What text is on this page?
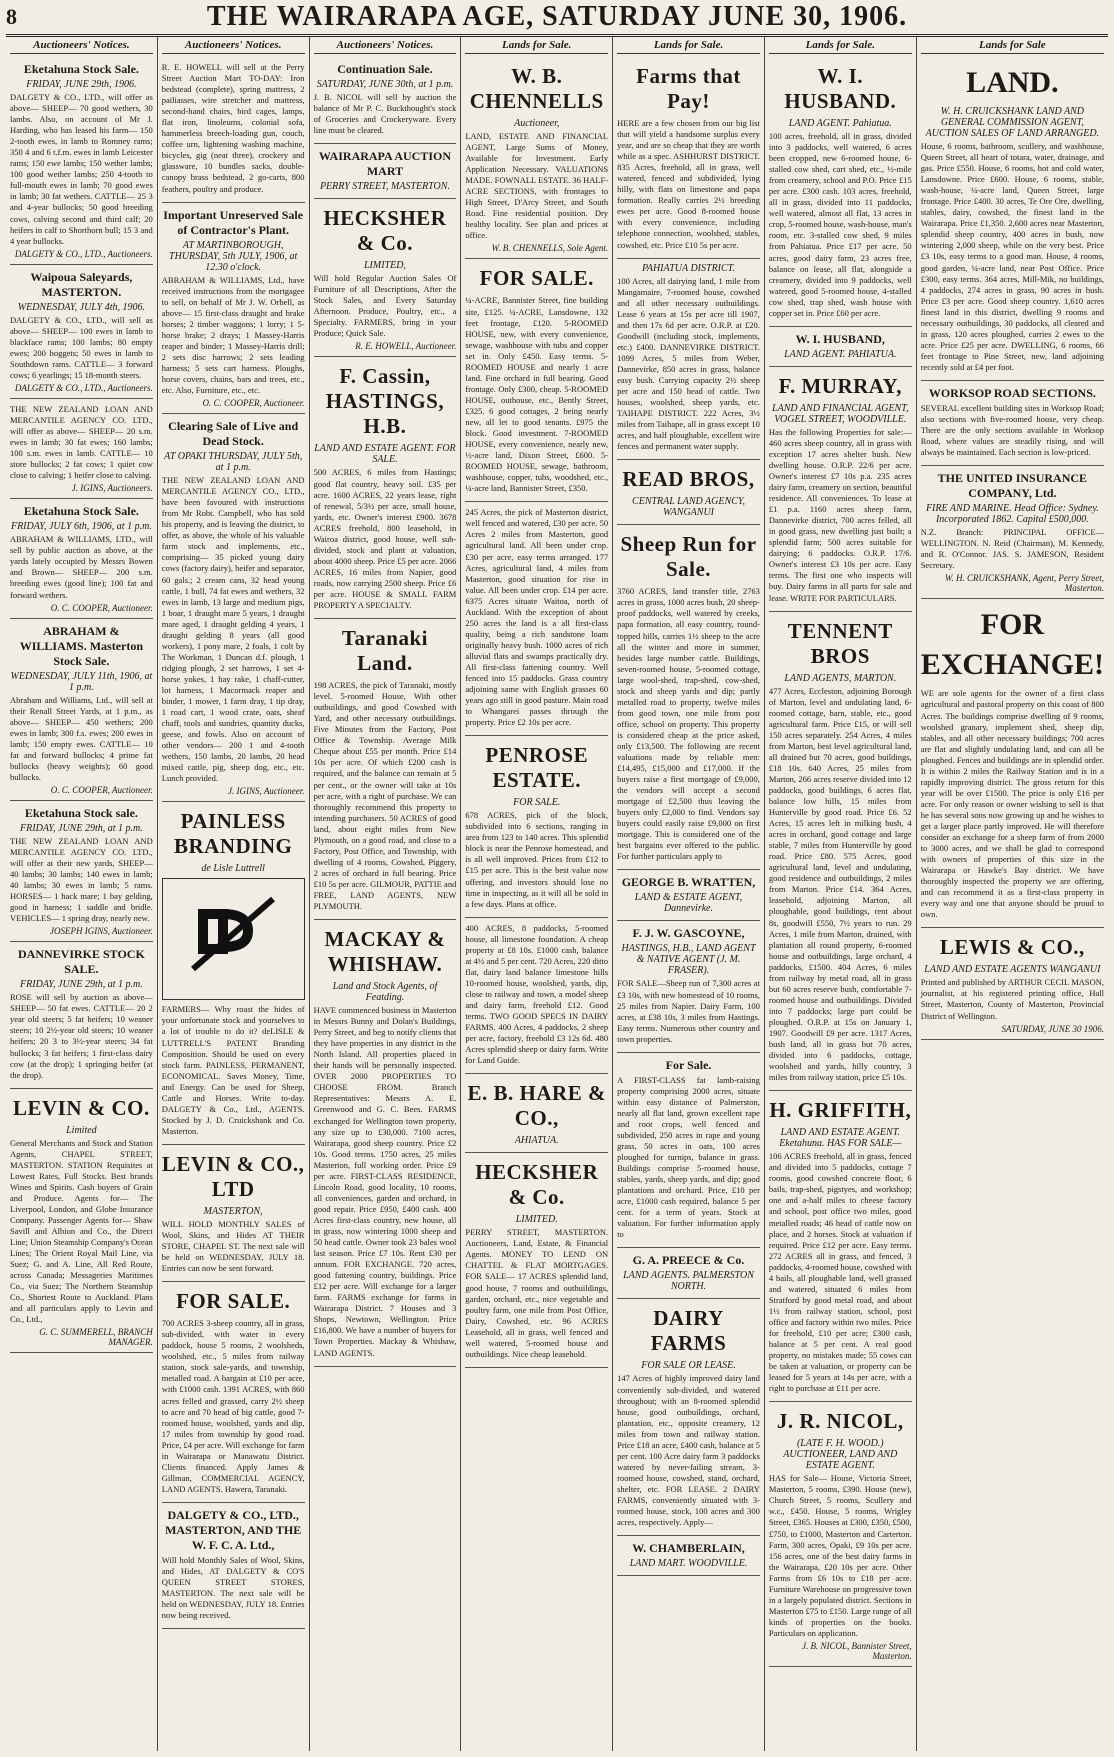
8	THE WAIRARAPA AGE, SATURDAY JUNE 30, 1906.
Auctioneers' Notices.
Eketahuna Stock Sale.
FRIDAY, JUNE 29th, 1906.
DALGETY & CO., LTD., will offer as above— SHEEP— 70 good wethers, 30 lambs. Also, on account of Mr J. Harding, who has leased his farm— 150 2-tooth ewes, in lamb to Romney rams; 350 4 and 6 t.f.m. ewes in lamb Leicester rams; 150 ewe lambs; 150 wether lambs; 100 good wether lambs; 250 4-tooth to full-mouth ewes in lamb; 70 good ewes in lamb; 30 fat wethers. CATTLE— 25 3 and 4-year bullocks; 50 good breeding cows, calving second and third calf; 20 heifers in calf to Shorthorn bull; 15 3 and 4 year bullocks.
DALGETY & CO., LTD., Auctioneers.
Waipoua Saleyards, MASTERTON.
WEDNESDAY, JULY 4th, 1906.
DALGETY & CO., LTD., will sell as above— SHEEP— 100 ewes in lamb to blackface rams; 100 lambs; 80 empty ewes; 200 hoggets; 50 ewes in lamb to Southdown rams. CATTLE— 3 forward cows; 6 yearlings; 15 18-month steers.
DALGETY & CO., LTD., Auctioneers.
THE NEW ZEALAND LOAN AND MERCANTILE AGENCY CO. LTD., will offer as above— SHEEP— 20 s.m. ewes in lamb; 30 fat ewes; 160 lambs; 100 s.m. ewes in lamb. CATTLE— 10 store bullocks; 2 fat cows; 1 quiet cow close to calving; 1 heifer close to calving.
J. IGINS, Auctioneers.
Eketahuna Stock Sale.
FRIDAY, JULY 6th, 1906, at 1 p.m.
ABRAHAM & WILLIAMS, LTD., will sell by public auction as above, at the yards lately occupied by Messrs Bowen and Brown— SHEEP— 200 s.m. breeding ewes (good line); 100 fat and forward wethers.
O. C. COOPER, Auctioneer.
ABRAHAM & WILLIAMS. Masterton Stock Sale.
WEDNESDAY, JULY 11th, 1906, at 1 p.m.
Abraham and Williams, Ltd., will sell at their Renall Street Yards, at 1 p.m., as above— SHEEP— 450 wethers; 200 ewes in lamb; 300 f.s. ewes; 200 ewes in lamb; 150 empty ewes. CATTLE— 10 fat and forward bullocks; 4 prime fat bullocks (heavy weights); 60 good bullocks.
O. C. COOPER, Auctioneer.
Eketahuna Stock sale.
FRIDAY, JUNE 29th, at 1 p.m.
THE NEW ZEALAND LOAN AND MERCANTILE AGENCY CO. LTD., will offer at their new yards, SHEEP— 40 lambs; 30 lambs; 140 ewes in lamb; 40 lambs; 30 ewes in lamb; 5 rams. HORSES— 1 hack mare; 1 bay gelding, good in harness; 1 saddle and bridle. VEHICLES— 1 spring dray, nearly new.
JOSEPH IGINS, Auctioneer.
DANNEVIRKE STOCK SALE.
FRIDAY, JUNE 29th, at 1 p.m.
ROSE will sell by auction as above— SHEEP— 50 fat ewes. CATTLE— 20 2 year old steers; 5 fat heifers; 10 weaner steers; 10 2½-year old steers; 10 weaner heifers; 20 3 to 3½-year steers; 34 fat bullocks; 3 fat heifers; 1 first-class dairy cow (at the drop); 1 springing heifer (at the drop).
LEVIN & CO.
Limited
General Merchants and Stock and Station Agents, CHAPEL STREET, MASTERTON. STATION Requisites at Lowest Rates, Full Stocks. Best brands Wines and Spirits. Cash buyers of Grain and Produce. Agents for— The Liverpool, London, and Globe Insurance Company. Passenger Agents for— Shaw Savill and Albion and Co., the Direct Line; Union Steamship Company's Ocean Lines; The Orient Royal Mail Line, via Suez; G. and A. Line, All Red Route, across Canada; Messageries Maritimes Co., via Suez; The Northern Steamship Co., Shortest Route to Auckland. Plans and all particulars apply to Levin and Co., Ltd.,
G. C. SUMMERELL, BRANCH MANAGER.
Auctioneers' Notices.
R. E. HOWELL will sell at the Perry Street Auction Mart TO-DAY: Iron bedstead (complete), spring mattress, 2 pailiasses, wire stretcher and mattress, second-hand chairs, bird cages, lamps, flat iron, linoleums, colonial sofa, hammerless breech-loading gun, couch, coffee urn, lightening washing machine, bicycles, gig (neat three), crockery and glassware, 10 bundles sacks, double-canopy brass bedstead, 2 go-carts, 800 feathers, poultry and produce.
Important Unreserved Sale of Contractor's Plant.
AT MARTINBOROUGH, THURSDAY, 5th JULY, 1906, at 12.30 o'clock.
ABRAHAM & WILLIAMS, Ltd., have received instructions from the mortgagee to sell, on behalf of Mr J. W. Orbell, as above— 15 first-class draught and brake horses; 2 timber waggons; 1 lorry; 1 5-horse brake; 2 drays; 1 Massey-Harris reaper and binder; 1 Massey-Harris drill; 2 sets disc harrows; 2 sets leading harness; 5 sets cart harness. Ploughs, horse covers, chains, bars and trees, etc., etc. Also, Furniture, etc., etc.
O. C. COOPER, Auctioneer.
Clearing Sale of Live and Dead Stock.
AT OPAKI THURSDAY, JULY 5th, at 1 p.m.
THE NEW ZEALAND LOAN AND MERCANTILE AGENCY CO., LTD., have been favoured with instructions from Mr Robt. Campbell, who has sold his property, and is leaving the district, to offer, as above, the whole of his valuable farm stock and implements, etc., comprising— 35 picked young dairy cows (factory dairy), heifer and separator, 60 gals.; 2 cream cans, 32 head young cattle, 1 bull, 74 fat ewes and wethers, 32 ewes in lamb, 13 large and medium pigs, 1 boar, 1 draught mare 5 years, 1 draught mare aged, 1 draught gelding 4 years, 1 draught gelding 8 years (all good workers), 1 pony mare, 2 foals, 1 colt by The Workman, 1 Duncan d.f. plough, 1 ridging plough, 2 set harrows, 1 set 4-horse yokes, 1 hay rake, 1 chaff-cutter, lot harness, 1 Macormack reaper and binder, 1 mower, 1 farm dray, 1 tip dray, 1 road cart, 1 wood crate, oats, sheaf chaff, tools and sundries, quantity ducks, geese, and fowls. Also on account of other vendors— 200 1 and 4-tooth wethers, 150 lambs, 20 lambs, 20 head mixed cattle, pig, sheep dog, etc., etc. Lunch provided.
J. IGINS, Auctioneer.
PAINLESS BRANDING
de Lisle Luttrell
FARMERS— Why roast the hides of your unfortunate stock and yourselves to a lot of trouble to do it? deLISLE & LUTTRELL'S PATENT Branding Composition. Should be used on every stock farm. PAINLESS, PERMANENT, ECONOMICAL. Saves Money, Time, and Energy. Can be used for Sheep, Cattle and Horses. Write to-day. DALGETY & Co., Ltd., AGENTS. Stocked by J. D. Cruickshank and Co. Masterton.
LEVIN & CO., LTD
MASTERTON,
WILL HOLD MONTHLY SALES of Wool, Skins, and Hides AT THEIR STORE, CHAPEL ST. The next sale will be held on WEDNESDAY, JULY 18. Entries can now be sent forward.
FOR SALE.
700 ACRES 3-sheep country, all in grass, sub-divided, with water in every paddock, house 5 rooms, 2 woolsheds, woolshed, etc., 5 miles from railway station, stock sale-yards, and township, metalled road. A bargain at £10 per acre, with £1000 cash. 1391 ACRES, with 860 acres felled and grassed, carry 2½ sheep to acre and 70 head of big cattle, good 7-roomed house, woolshed, yards and dip, 17 miles from township by good road. Price, £4 per acre. Will exchange for farm in Wairarapa or Manawatu District. Clients financed. Apply James & Gillman, COMMERCIAL AGENCY, LAND AGENTS. Hawera, Taranaki.
DALGETY & CO., LTD., MASTERTON, AND THE W. F. C. A. Ltd.,
Will hold Monthly Sales of Wool, Skins, and Hides, AT DALGETY & CO'S QUEEN STREET STORES, MASTERTON. The next sale will be held on WEDNESDAY, JULY 18. Entries now being received.
Auctioneers' Notices.
Continuation Sale.
SATURDAY, JUNE 30th, at 1 p.m.
J. B. NICOL will sell by auction the balance of Mr P. C. Buckthought's stock of Groceries and Crockeryware. Every line must be cleared.
WAIRARAPA AUCTION MART
PERRY STREET, MASTERTON.
HECKSHER & Co.
LIMITED,
Will hold Regular Auction Sales Of Furniture of all Descriptions, After the Stock Sales, and Every Saturday Afternoon. Produce, Poultry, etc., a Specialty. FARMERS, bring in your Produce; Quick Sale.
R. E. HOWELL, Auctioneer.
F. Cassin, HASTINGS, H.B.
LAND AND ESTATE AGENT. FOR SALE.
500 ACRES, 6 miles from Hastings; good flat country, heavy soil. £35 per acre. 1600 ACRES, 22 years lease, right of renewal, 5/3½ per acre, small house, yards, etc. Owner's interest £900. 3678 ACRES freehold, 800 leasehold, in Wairoa district, good house, well sub-divided, stock and plant at valuation, about 4000 sheep. Price £5 per acre. 2066 ACRES, 16 miles from Napier, good roads, now carrying 2500 sheep. Price £6 per acre. HOUSE & SMALL FARM PROPERTY A SPECIALTY.
Taranaki Land.
198 ACRES, the pick of Taranaki, mostly level. 5-roomed House, With other outbuildings, and good Cowshed with Yard, and other necessary outbuildings. Five Minutes from the Factory, Post Office & Township. Average Milk Cheque about £55 per month. Price £14 10s per acre. Of which £200 cash is required, and the balance can remain at 5 per cent., or the owner will take at 10s per acre, with a right of purchase. We can thoroughly recommend this property to intending purchasers. 50 ACRES of good land, about eight miles from New Plymouth, on a good road, and close to a Factory, Post Office, and Township, with dwelling of 4 rooms, Cowshed, Piggery, 2 acres of orchard in full bearing. Price £10 5s per acre. GILMOUR, PATTIE and FREE, LAND AGENTS, NEW PLYMOUTH.
MACKAY & WHISHAW.
Land and Stock Agents, of Featding.
HAVE commenced business in Masterton in Messrs Bunny and Dolan's Buildings, Perry Street, and beg to notify clients that they have properties in any district in the North Island. All properties placed in their hands will be personally inspected. OVER 2000 PROPERTIES TO CHOOSE FROM. Branch Representatives: Messrs A. E. Greenwood and G. C. Bees. FARMS exchanged for Wellington town property, any size up to £30,000. 7100 acres, Wairarapa, good sheep country. Price £2 10s. Good terms. 1750 acres, 25 miles Masterton, full working order. Price £9 per acre. FIRST-CLASS RESIDENCE, Lincoln Road, good locality, 10 rooms, all conveniences, garden and orchard, in good repair. Price £950, £400 cash. 400 Acres first-class country, new house, all in grass, now wintering 1000 sheep and 50 head cattle. Owner took 23 bales wool last season. Price £7 10s. Rent £30 per annum. FOR EXCHANGE. 720 acres, good fattening country, buildings. Price £12 per acre. Will exchange for a larger farm. FARMS exchange for farms in Wairarapa District. 7 Houses and 3 Shops, Newtown, Wellington. Price £16,800. We have a number of buyers for Town Properties. Mackay & Whishaw, LAND AGENTS.
Lands for Sale.
W. B. CHENNELLS
Auctioneer,
LAND, ESTATE AND FINANCIAL AGENT, Large Sums of Money, Available for Investment. Early Application Necessary. VALUATIONS MADE. FOWNALL ESTATE. 36 HALF-ACRE SECTIONS, with frontages to High Street, D'Arcy Street, and South Road. Fine residential position. Dry healthy locality. See plan and prices at office.
W. B. CHENNELLS, Sole Agent.
FOR SALE.
¼-ACRE, Bannister Street, fine building site, £125. ¼-ACRE, Lansdowne, 132 feet frontage, £120. 5-ROOMED HOUSE, new, with every convenience, sewage, washhouse with tubs and copper set in. Only £450. Easy terms. 5-ROOMED HOUSE and nearly 1 acre land. Fine orchard in full bearing. Good frontage. Only £300, cheap. 5-ROOMED HOUSE, outhouse, etc., Bently Street, £325. 6 good cottages, 2 being nearly new, all let to good tenants. £975 the block. Good investment. 7-ROOMED HOUSE, every convenience, nearly new, ½-acre land, Dixon Street, £600. 5-ROOMED HOUSE, sewage, bathroom, washhouse, copper, tubs, woodshed, etc., ¼-acre land, Bannister Street, £350.
245 Acres, the pick of Masterton district, well fenced and watered, £30 per acre. 50 Acres 2 miles from Masterton, good agricultural land. All been under crop. £30 per acre, easy terms arranged. 177 Acres, agricultural land, 4 miles from Masterton, good situation for rise in value. All been under crop. £14 per acre. 6375 Acres situate Waitoa, north of Auckland. With the exception of about 250 acres the land is a all first-class quality, being a rich sandstone loam originally heavy bush. 1000 acres of rich alluvial flats and swamps practically dry. All first-class fattening country. Well fenced into 15 paddocks. Grass country adjoining same with English grasses 60 years ago still in good pasture. Main road to Whangarei passes through the property. Price £2 10s per acre.
PENROSE ESTATE.
FOR SALE.
678 ACRES, pick of the block, subdivided into 6 sections, ranging in area from 123 to 140 acres. This splendid block is near the Penrose homestead, and is all well improved. Prices from £12 to £15 per acre. This is the best value now offering, and investors should lose no time in inspecting, as it will all be sold in a few days. Plans at office.
400 ACRES, 8 paddocks, 5-roomed house, all limestone foundation. A cheap property at £8 10s. £1000 cash, balance at 4½ and 5 per cent. 720 Acres, 220 ditto flat, dairy land balance limestone hills 10-roomed house, woolshed, yards, dip, close to railway and town, a model sheep and dairy farm, freehold £12. Good terms. TWO GOOD SPECS IN DAIRY FARMS. 400 Acres, 4 paddocks, 2 sheep per acre, factory, freehold £3 12s 6d. 480 Acres splendid sheep or dairy farm. Write for Land Guide.
E. B. HARE & CO.,
AHIATUA.
HECKSHER & Co.
LIMITED.
PERRY STREET, MASTERTON. Auctioneers, Land, Estate, & Financial Agents. MONEY TO LEND ON CHATTEL & FLAT MORTGAGES. FOR SALE— 17 ACRES splendid land, good house, 7 rooms and outbuildings, garden, orchard, etc., nice vegetable and poultry farm, one mile from Post Office, Dairy, Cowshed, etc. 96 ACRES Leasehold, all in grass, well fenced and well watered, 5-roomed house and outbuildings. Nice cheap leasehold.
Lands for Sale.
Farms that Pay!
HERE are a few chosen from our big list that will yield a handsome surplus every year, and are so cheap that they are worth while as a spec. ASHHURST DISTRICT. 835 Acres, freehold, all in grass, well watered, fenced and subdivided, lying hilly, with flats on limestone and papa formation. Really carries 2½ breeding ewes per acre. Good 8-roomed house with every convenience, including telephone connection, woolshed, stables, cowshed, etc. Price £10 5s per acre.
PAHIATUA DISTRICT.
100 Acres, all dairying land, 1 mile from Mangamaire, 7-roomed house, cowshed and all other necessary outbuildings. Lease 6 years at 15s per acre till 1907, and then 17s 6d per acre. O.R.P. at £20. Goodwill (including stock, implements, etc.) £400. DANNEVIRKE DISTRICT. 1099 Acres, 5 miles from Weber, Dannevirke, 850 acres in grass, balance easy bush. Carrying capacity 2½ sheep per acre and 150 head of cattle. Two houses, woolshed, sheep yards, etc. TAIHAPE DISTRICT. 222 Acres, 3½ miles from Taihape, all in grass except 10 acres, and half ploughable, excellent wire fences and permanent water supply.
READ BROS,
CENTRAL LAND AGENCY, WANGANUI
Sheep Run for Sale.
3760 ACRES, land transfer title, 2763 acres in grass, 1000 acres bush, 20 sheep-proof paddocks, well watered by creeks, papa formation, all easy country, round-topped hills, carries 1½ sheep to the acre all the winter and more in summer, besides large number cattle. Buildings, seven-roomed house, 5-roomed cottage, large wool-shed, trap-shed, cow-shed, stock and sheep yards and dip; partly metalled road to property, twelve miles from good town, one mile from post office, school on property. This property is considered cheap at the price asked, only £13,500. The following are recent valuations made by reliable men: £14,495, £15,000 and £17,000. If the buyers raise a first mortgage of £9,000, the vendors will accept a second mortgage of £2,500 thus leaving the buyers only £2,000 to find. Vendors say buyers could easily raise £9,000 on first mortgage. This is considered one of the best bargains ever offered to the public. For further particulars apply to
GEORGE B. WRATTEN,
LAND & ESTATE AGENT, Dannevirke.
F. J. W. GASCOYNE,
HASTINGS, H.B., LAND AGENT & NATIVE AGENT (J. M. FRASER).
FOR SALE—Sheep run of 7,300 acres at £3 10s, with new homestead of 10 rooms, 25 miles from Napier. Dairy Farm, 100 acres, at £38 10s, 3 miles from Hastings. Easy terms. Numerous other country and town properties.
For Sale.
A FIRST-CLASS fat lamb-raising property comprising 2000 acres, situate within easy distance of Palmerston, nearly all flat land, grown excellent rape and root crops, well fenced and subdivided, 250 acres in rape and young grass, 50 acres in oats, 100 acres ploughed for turnips, balance in grass. Buildings comprise 5-roomed house, stables, yards, sheep yards, and dip; good plantations and orchard. Price, £10 per acre, £1000 cash required, balance 5 per cent. for a term of years. Stock at valuation. For further information apply to
G. A. PREECE & Co.
LAND AGENTS. PALMERSTON NORTH.
DAIRY FARMS
FOR SALE OR LEASE.
147 Acres of highly improved dairy land conveniently sub-divided, and watered throughout; with an 8-roomed splendid house, good outbuildings, orchard, plantation, etc., opposite creamery, 12 miles from town and railway station. Price £18 an acre, £400 cash, balance at 5 per cent. 100 Acre dairy farm 3 paddocks watered by never-failing stream, 3-roomed house, cowshed, stand, orchard, shelter, etc. FOR LEASE. 2 DAIRY FARMS, conveniently situated with 3-roomed house, stock, 100 acres and 300 acres, respectively. Apply—
W. CHAMBERLAIN,
LAND MART. WOODVILLE.
Lands for Sale.
W. I. HUSBAND.
LAND AGENT. Pahiatua.
100 acres, freehold, all in grass, divided into 3 paddocks, well watered, 6 acres been cropped, new 6-roomed house, 6-stalled cow shed, cart shed, etc., ½-mile from creamery, school and P.O. Price £15 per acre. £300 cash. 103 acres, freehold, all in grass, divided into 11 paddocks, well watered, almost all flat, 13 acres in crop, 5-roomed house, wash-house, man's room, etc. 3-stalled cow shed, 9 miles from Pahiatua. Price £17 per acre. 50 acres, good dairy farm, 23 acres free, balance on lease, all flat, alongside a creamery, divided into 9 paddocks, well watered, good 5-roomed house, 4-stalled cow shed, trap shed, wash house with copper set in. Price £60 per acre.
W. I. HUSBAND,
LAND AGENT. PAHIATUA.
F. MURRAY,
LAND AND FINANCIAL AGENT, VOGEL STREET, WOODVILLE.
Has the following Properties for sale:— 460 acres sheep country, all in grass with exception 17 acres shelter bush. New dwelling house. O.R.P. 22/6 per acre. Owner's interest £7 10s p.a. 235 acres dairy farm, creamery on section, beautiful residence. All conveniences. To lease at £1 p.a. 1160 acres sheep farm, Dannevirke district, 700 acres felled, all in good grass, new dwelling just built; a splendid farm; 500 acres suitable for dairying; 6 paddocks. O.R.P. 17/6. Owner's interest £3 10s per acre. Easy terms. The first one who inspects will buy. Dairy farms in all parts for sale and lease. WRITE FOR PARTICULARS.
TENNENT BROS
LAND AGENTS, MARTON.
477 Acres, Eccleston, adjoining Borough of Marton, level and undulating land, 6-roomed cottage, barn, stable, etc., good agricultural farm. Price £15, or will sell 150 acres separately. 254 Acres, 4 miles from Marton, best level agricultural land, all drained but 70 acres, good buildings, £18 10s. 640 Acres, 25 miles from Marton, 266 acres reserve divided into 12 paddocks, good buildings, 6 acres flat, balance low hills, 15 miles from Hunterville by good road. Price £6. 52 Acres, 15 acres left in milking bush, 4 acres in orchard, good cottage and large stable, 7 miles from Hunterville by good road. Price £80. 575 Acres, good agricultural land, level and undulating, good residence and outbuildings, 2 miles from Marton. Price £14. 364 Acres, leasehold, adjoining Marton, all ploughable, good buildings, rent about 8s, goodwill £550, 7½ years to run. 29 Acres, 1 mile from Marton, drained, with plantation all round property, 6-roomed house and outbuildings, large orchard, 4 paddocks, £1500. 404 Acres, 6 miles from railway by metal road, all in grass but 60 acres reserve bush, comfortable 7-roomed house and outbuildings. Divided into 7 paddocks; large part could be ploughed. O.R.P. at 15s on January 1, 1907. Goodwill £9 per acre. 1317 Acres, bush land, all in grass but 70 acres, divided into 6 paddocks, cottage, woolshed and yards, hilly country, 3 miles from railway station, price £5 10s.
H. GRIFFITH,
LAND AND ESTATE AGENT. Eketahuna. HAS FOR SALE—
106 ACRES freehold, all in grass, fenced and divided into 5 paddocks, cottage 7 rooms, good cowshed concrete floor, 6 bails, trap-shed, pigstyes, and workshop; one and a-half miles to cheese factory and school, post office two miles, good metalled roads; 46 head of cattle now on place, and 2 horses. Stock at valuation if required. Price £12 per acre. Easy terms. 272 ACRES all in grass, and fenced, 3 paddocks, 4-roomed house, cowshed with 4 bails, all ploughable land, well grassed and watered, situated 6 miles from Stratford by good metal road, and about 1½ from railway station, school, post office and factory within two miles. Price for freehold, £10 per acre; £300 cash, balance at 5 per cent. A real good property, no mistakes made; 55 cows can be taken at valuation, or property can be leased for 5 years at 14s per acre, with a right to purchase at £11 per acre.
J. R. NICOL,
(LATE F. H. WOOD.) AUCTIONEER, LAND AND ESTATE AGENT.
HAS for Sale— House, Victoria Street, Masterton, 5 rooms, £390. House (new), Church Street, 5 rooms, Scullery and w.c., £450. House, 5 rooms, Wrigley Street, £365. Houses at £300, £350, £500, £750, to £1000, Masterton and Carterton. Farm, 300 acres, Opaki, £9 10s per acre. 156 acres, one of the best dairy farms in the Wairarapa, £20 10s per acre. Other Farms from £6 10s to £18 per acre. Furniture Warehouse on progressive town in a largely populated district. Sections in Masterton £75 to £150. Large range of all kinds of properties on the books. Particulars on application.
J. B. NICOL, Bannister Street, Masterton.
Lands for Sale
LAND.
W. H. CRUICKSHANK LAND AND GENERAL COMMISSION AGENT, AUCTION SALES OF LAND ARRANGED.
House, 6 rooms, bathroom, scullery, and washhouse, Queen Street, all heart of totara, water, drainage, and gas. Price £550. House, 6 rooms, hot and cold water, Lansdowne. Price £600. House, 6 rooms, stable, wash-house, ¼-acre land, Queen Street, large frontage. Price £400. 30 acres, Te Ore Ore, dwelling, stables, dairy, cowshed, the finest land in the Wairarapa. Price £1,350. 2,600 acres near Masterton, splendid sheep country, 400 acres in bush, now wintering 2,000 sheep, while on the very best. Price £3 10s, easy terms to a good man. House, 4 rooms, good garden, ¼-acre land, near Post Office. Price £300, easy terms. 364 acres, Mill-Mik, no buildings, 4 paddocks, 274 acres in grass, 90 acres in bush. Price £3 per acre. Good sheep country. 1,610 acres finest land in this district, dwelling 9 rooms and necessary outbuildings, 30 paddocks, all cleared and in grass, 120 acres ploughed, carries 2 ewes to the acre. Price £25 per acre. DWELLING, 6 rooms, 66 feet frontage to Pine Street, new, land adjoining recently sold at £4 per foot.
WORKSOP ROAD SECTIONS.
SEVERAL excellent building sites in Worksop Road; also sections with five-roomed house, very cheap. There are the only sections available in Worksop Road, where values are steadily rising, and will always be maintained. Each section is low-priced.
THE UNITED INSURANCE COMPANY, Ltd.
FIRE AND MARINE. Head Office: Sydney. Incorporated 1862. Capital £500,000.
N.Z. Branch: PRINCIPAL OFFICE—WELLINGTON. N. Reid (Chairman), M. Kennedy, and R. O'Connor. JAS. S. JAMESON, Resident Secretary.
W. H. CRUICKSHANK, Agent, Perry Street, Masterton.
FOR
EXCHANGE!
WE are sole agents for the owner of a first class agricultural and pastoral property on this coast of 800 Acres. The buildings comprise dwelling of 9 rooms, woolshed granary, implement shed, sheep dip, stables, and all other necessary buildings; 700 acres are flat and slightly undulating land, and can all be ploughed. Fences and buildings are in splendid order. It is within 2 miles the Railway Station and is in a rapidly improving district. The gross return for this year will be over £1500. The price is only £16 per acre. For only reason or owner wishing to sell is that he has several sons now growing up and he wishes to get a larger place partly improved. He will therefore consider an exchange for a sheep farm of from 2000 to 3000 acres, and we shall be glad to correspond with owners of properties of this size in the Wairarapa or Hawke's Bay district. We have thoroughly inspected the property we are offering, and can recommend it as a first-class property in every way and one that anyone should be proud to own.
LEWIS & CO.,
LAND AND ESTATE AGENTS WANGANUI
Printed and published by ARTHUR CECIL MASON, journalist, at his registered printing office, Hall Street, Masterton, County of Masterton, Provincial District of Wellington.
SATURDAY, JUNE 30 1906.
